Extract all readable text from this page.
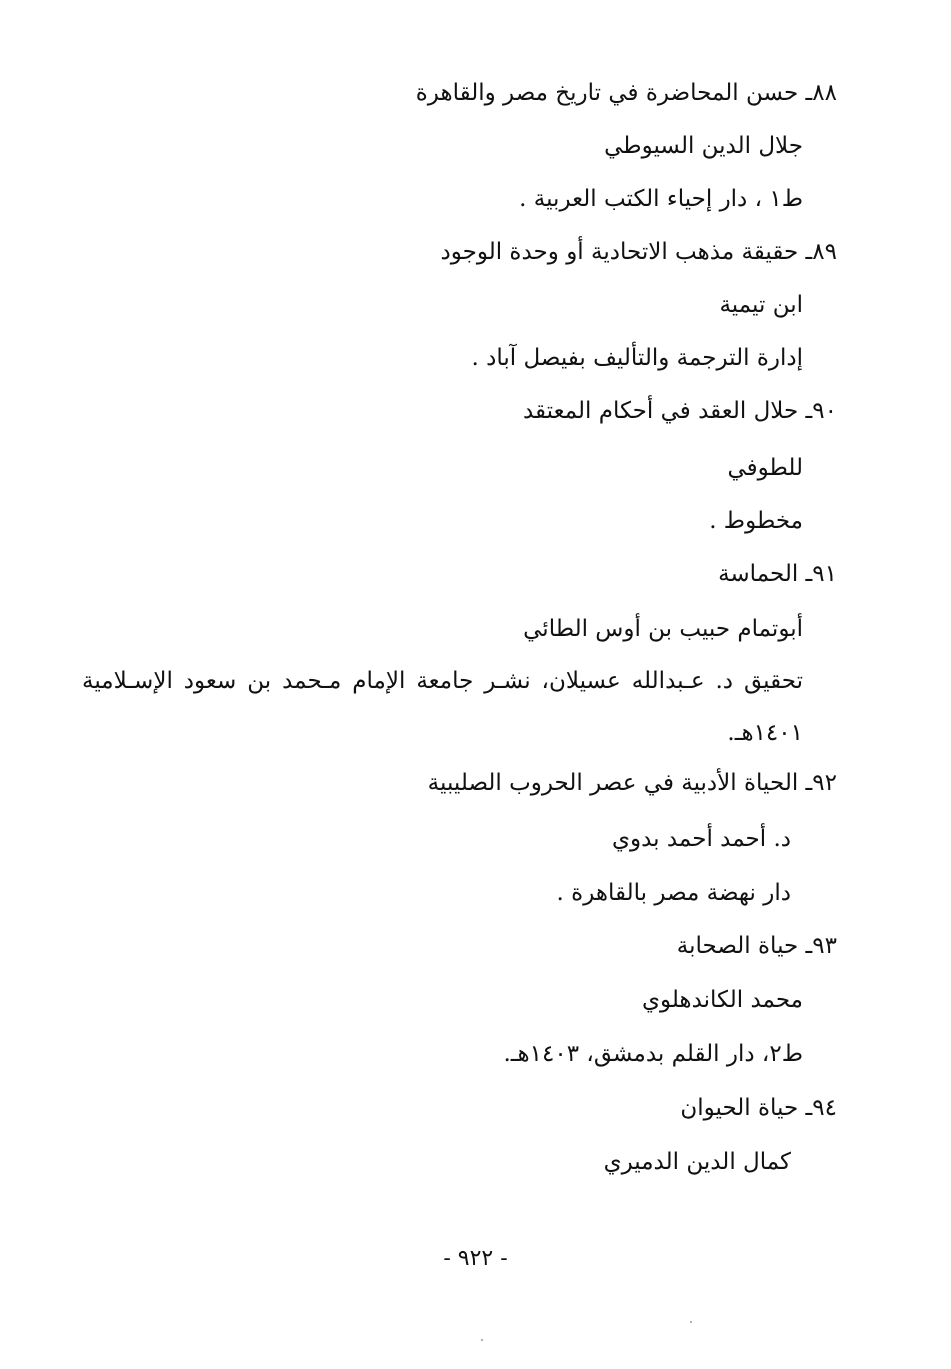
٨٨ـ حسن المحاضرة في تاريخ مصر والقاهرة
جلال الدين السيوطي
ط١ ، دار إحياء الكتب العربية .
٨٩ـ حقيقة مذهب الاتحادية أو وحدة الوجود
ابن تيمية
إدارة الترجمة والتأليف بفيصل آباد .
٩٠ـ حلال العقد في أحكام المعتقد
للطوفي
مخطوط .
٩١ـ الحماسة
أبوتمام حبيب بن أوس الطائي
تحقيق د. عـبدالله عسيلان، نشـر جامعة الإمام مـحمد بن سعود الإسـلامية
١٤٠١هـ.
٩٢ـ الحياة الأدبية في عصر الحروب الصليبية
د. أحمد أحمد بدوي
دار نهضة مصر بالقاهرة .
٩٣ـ حياة الصحابة
محمد الكاندهلوي
ط٢، دار القلم بدمشق، ١٤٠٣هـ.
٩٤ـ حياة الحيوان
كمال الدين الدميري
- ٩٢٢ -
